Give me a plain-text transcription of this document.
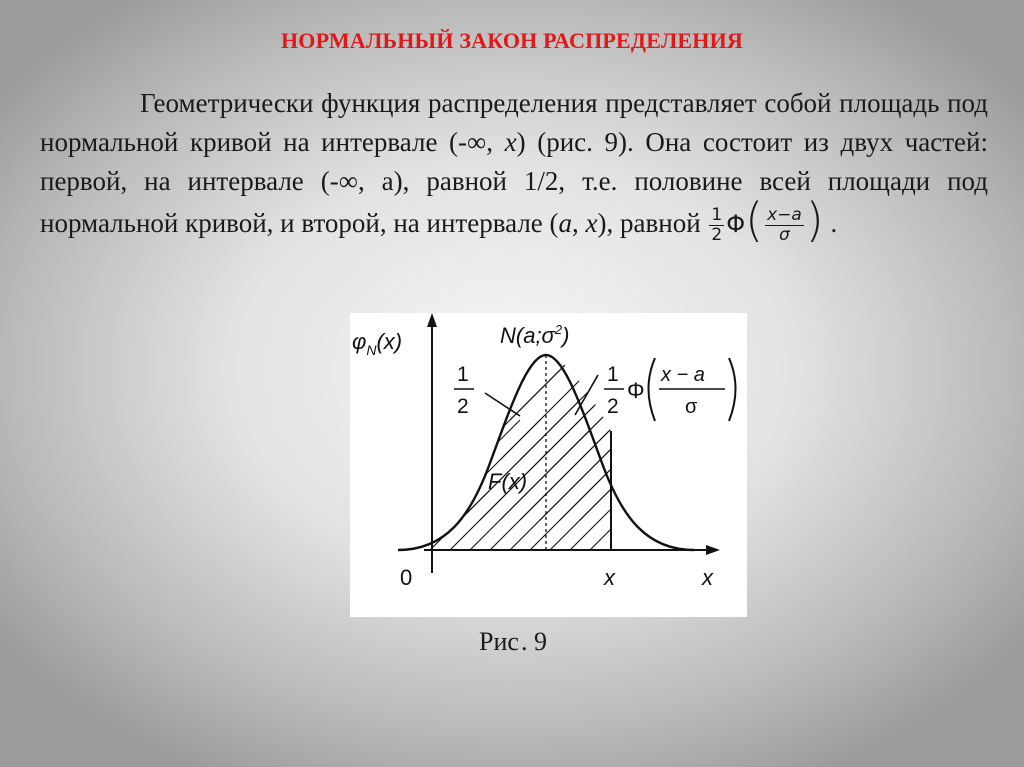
НОРМАЛЬНЫЙ ЗАКОН РАСПРЕДЕЛЕНИЯ

Геометрически функция распределения представляет собой площадь под нормальной кривой на интервале (-∞, x) (рис. 9). Она состоит из двух частей: первой, на интервале (-∞, а), равной 1/2, т.е. половине всей площади под нормальной кривой, и второй, на интервале (a, x), равной $\frac{1}{2} \Phi( \frac{x-a}{\sigma}$ ) .

$\varphi_N(x)$	$N(a;\sigma^2)$
1
2
1
2
Φ
x − a
σ
F(x)
0	x	x
Рис. 9
